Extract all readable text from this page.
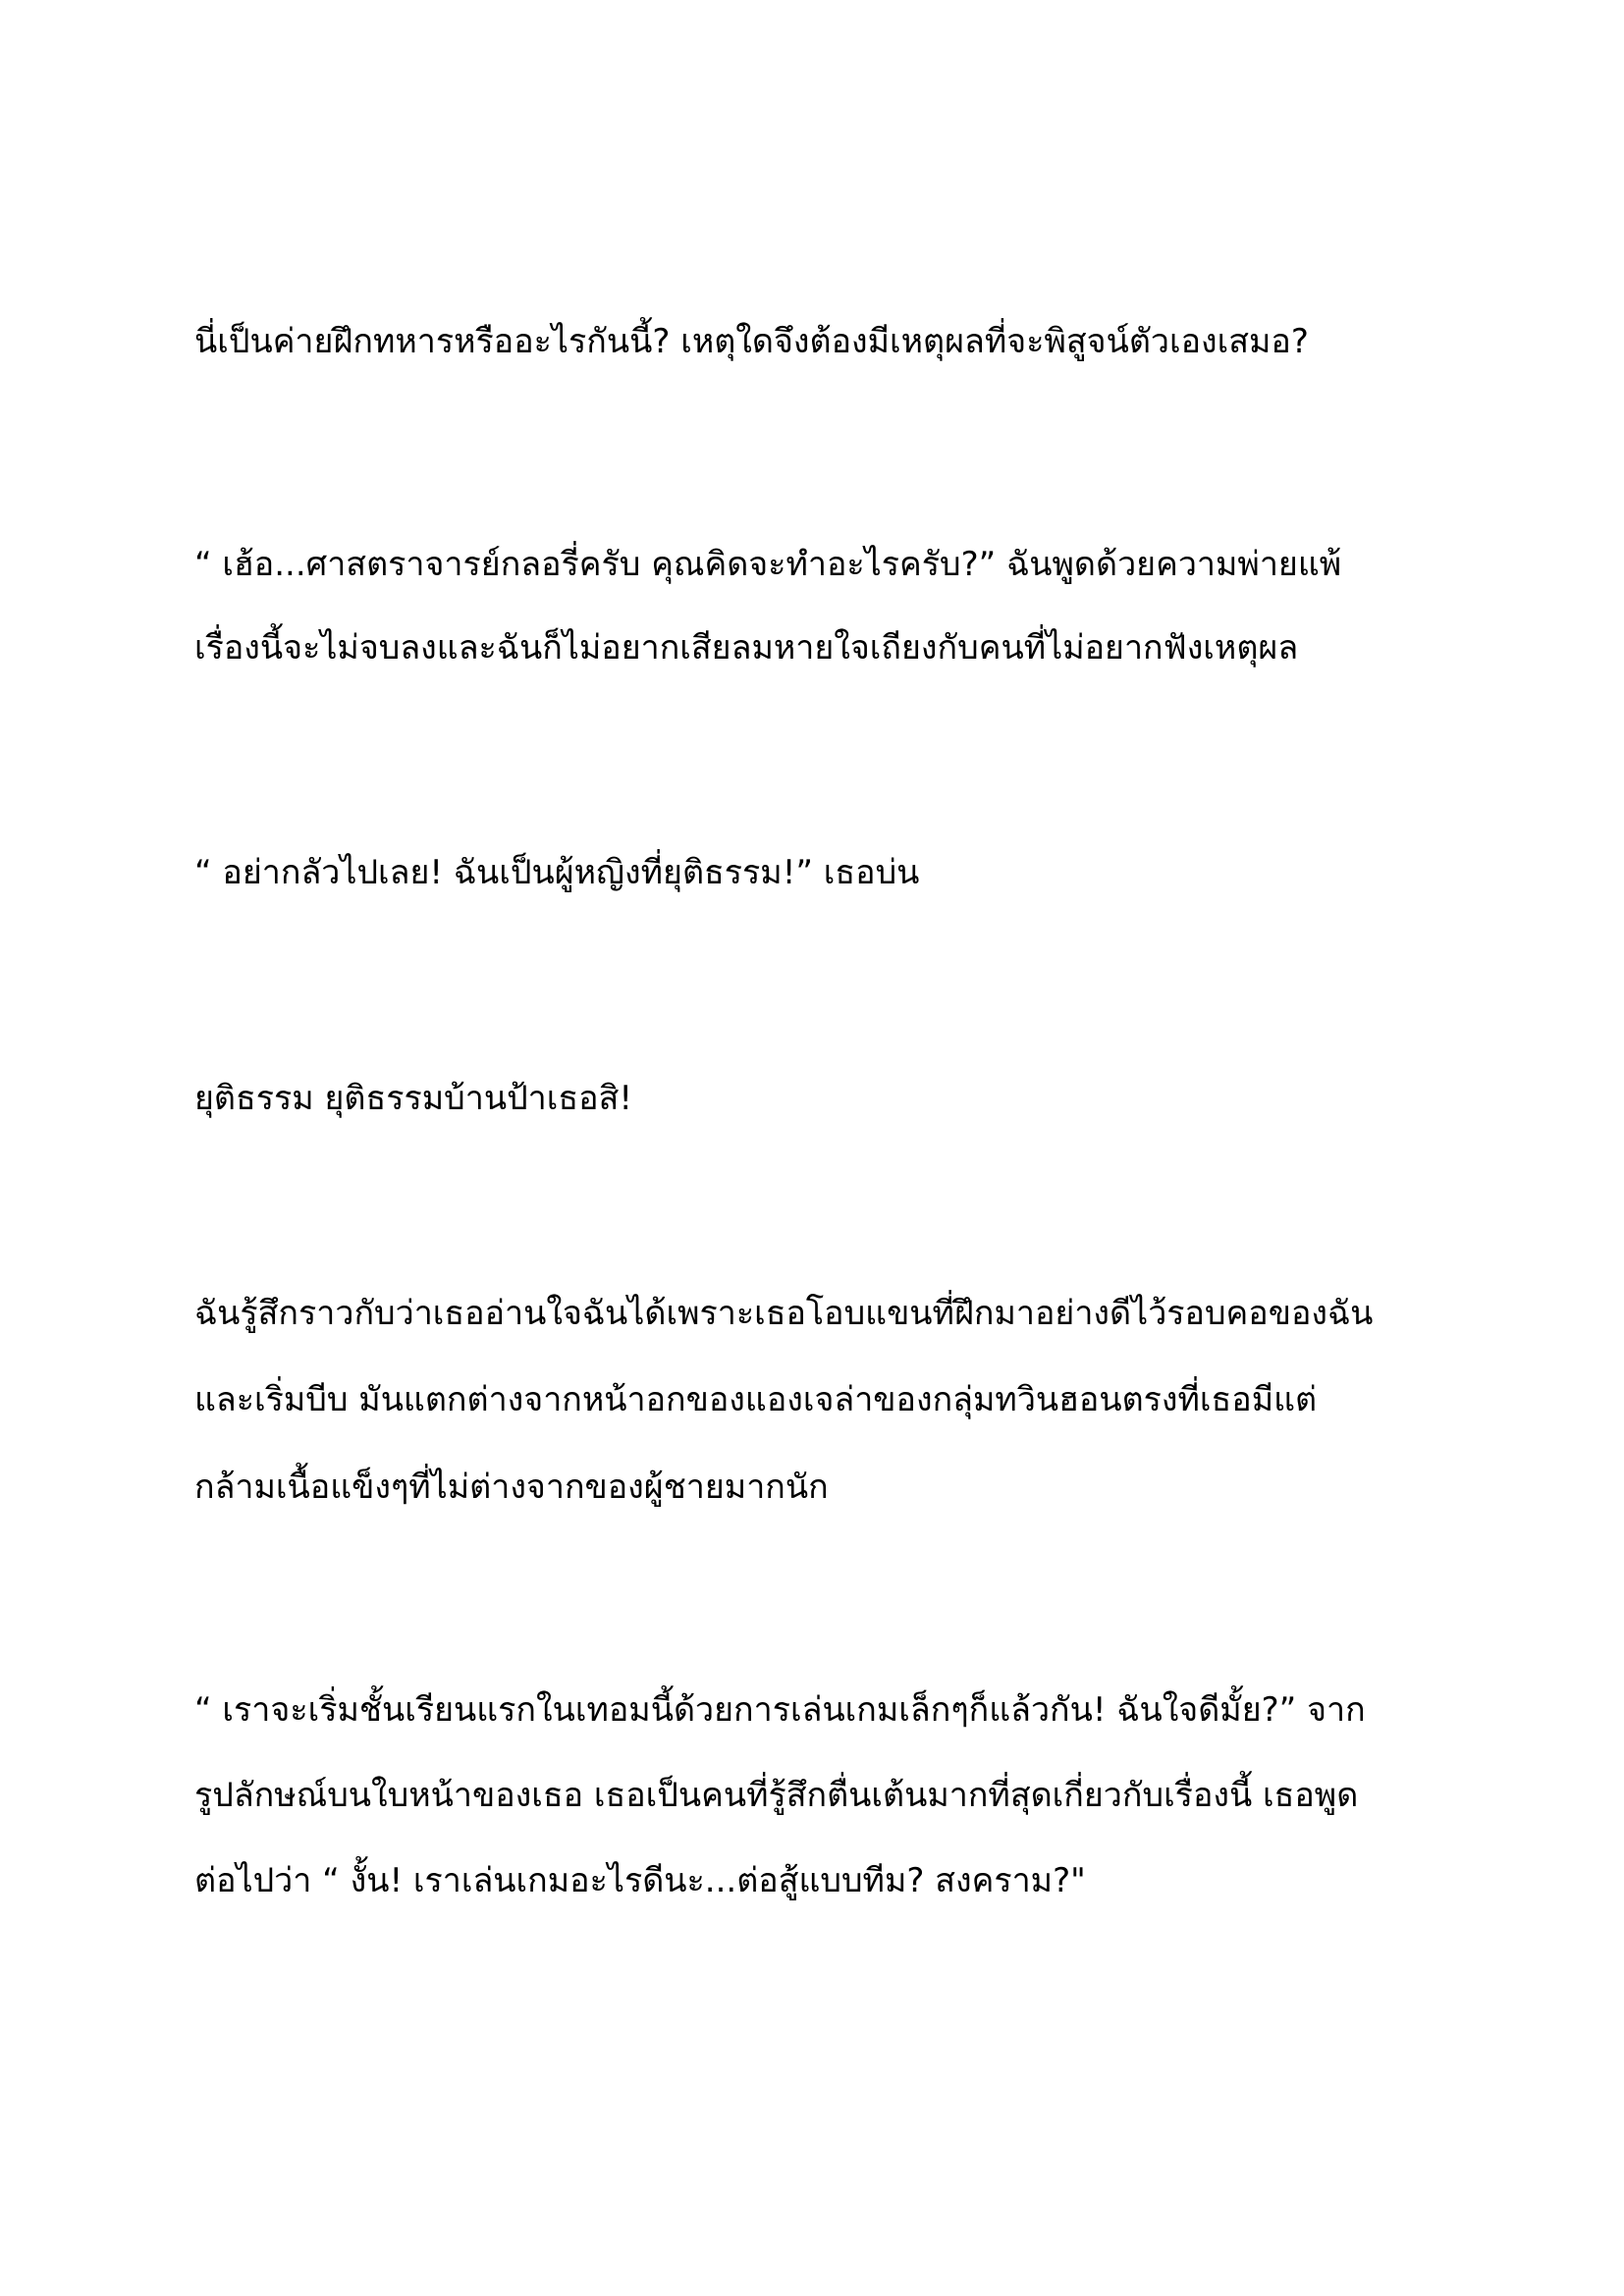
นี่เป็นค่ายฝึกทหารหรืออะไรกันนี้? เหตุใดจึงต้องมีเหตุผลที่จะพิสูจน์ตัวเองเสมอ?
“ เฮ้อ...ศาสตราจารย์กลอรี่ครับ คุณคิดจะทำอะไรครับ?” ฉันพูดด้วยความพ่ายแพ้
เรื่องนี้จะไม่จบลงและฉันก็ไม่อยากเสียลมหายใจเถียงกับคนที่ไม่อยากฟังเหตุผล
“ อย่ากลัวไปเลย! ฉันเป็นผู้หญิงที่ยุติธรรม!” เธอบ่น
ยุติธรรม ยุติธรรมบ้านป้าเธอสิ!
ฉันรู้สึกราวกับว่าเธออ่านใจฉันได้เพราะเธอโอบแขนที่ฝึกมาอย่างดีไว้รอบคอของฉัน
และเริ่มบีบ มันแตกต่างจากหน้าอกของแองเจล่าของกลุ่มทวินฮอนตรงที่เธอมีแต่
กล้ามเนื้อแข็งๆที่ไม่ต่างจากของผู้ชายมากนัก
“ เราจะเริ่มชั้นเรียนแรกในเทอมนี้ด้วยการเล่นเกมเล็กๆก็แล้วกัน! ฉันใจดีมั้ย?” จาก
รูปลักษณ์บนใบหน้าของเธอ เธอเป็นคนที่รู้สึกตื่นเต้นมากที่สุดเกี่ยวกับเรื่องนี้ เธอพูด
ต่อไปว่า “ งั้น! เราเล่นเกมอะไรดีนะ...ต่อสู้แบบทีม? สงคราม?"
